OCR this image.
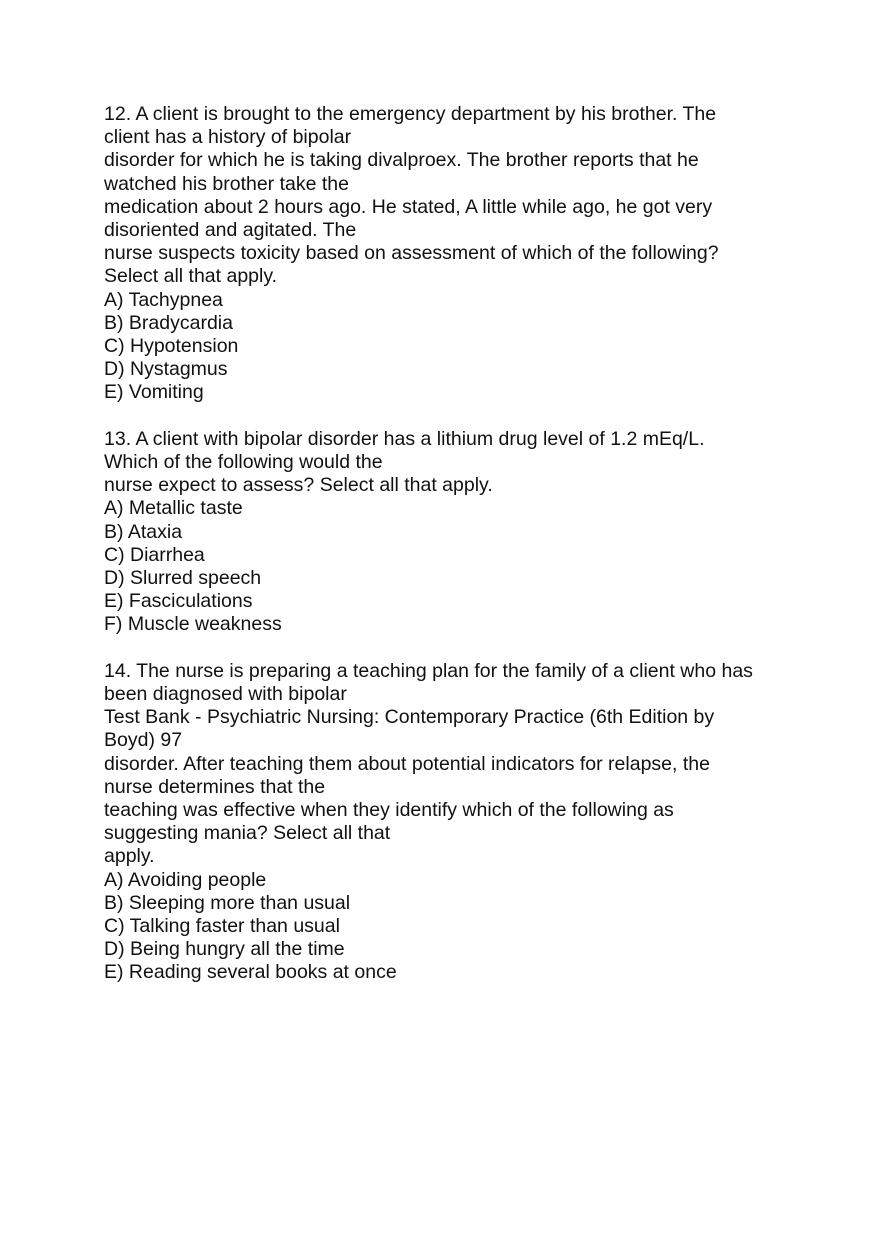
12. A client is brought to the emergency department by his brother. The
client has a history of bipolar
disorder for which he is taking divalproex. The brother reports that he
watched his brother take the
medication about 2 hours ago. He stated, A little while ago, he got very
disoriented and agitated. The
nurse suspects toxicity based on assessment of which of the following?
Select all that apply.
A) Tachypnea
B) Bradycardia
C) Hypotension
D) Nystagmus
E) Vomiting
13. A client with bipolar disorder has a lithium drug level of 1.2 mEq/L.
Which of the following would the
nurse expect to assess? Select all that apply.
A) Metallic taste
B) Ataxia
C) Diarrhea
D) Slurred speech
E) Fasciculations
F) Muscle weakness
14. The nurse is preparing a teaching plan for the family of a client who has
been diagnosed with bipolar
Test Bank - Psychiatric Nursing: Contemporary Practice (6th Edition by
Boyd) 97
disorder. After teaching them about potential indicators for relapse, the
nurse determines that the
teaching was effective when they identify which of the following as
suggesting mania? Select all that
apply.
A) Avoiding people
B) Sleeping more than usual
C) Talking faster than usual
D) Being hungry all the time
E) Reading several books at once
